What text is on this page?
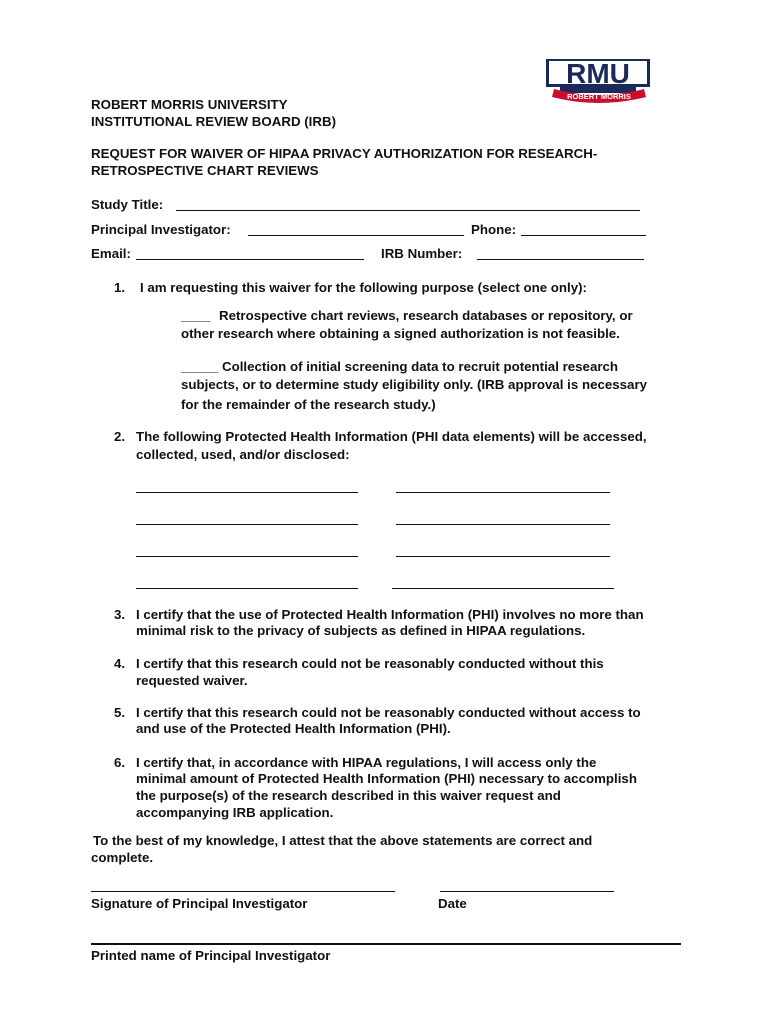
RMU
ROBERT MORRIS
ROBERT MORRIS UNIVERSITY
INSTITUTIONAL REVIEW BOARD (IRB)
REQUEST FOR WAIVER OF HIPAA PRIVACY AUTHORIZATION FOR RESEARCH-
RETROSPECTIVE CHART REVIEWS
Study Title:
Principal Investigator:	Phone:
Email:	IRB Number:
1. I am requesting this waiver for the following purpose (select one only):
____ Retrospective chart reviews, research databases or repository, or
other research where obtaining a signed authorization is not feasible.
_____ Collection of initial screening data to recruit potential research
subjects, or to determine study eligibility only. (IRB approval is necessary
for the remainder of the research study.)
2. The following Protected Health Information (PHI data elements) will be accessed,
collected, used, and/or disclosed:
3. I certify that the use of Protected Health Information (PHI) involves no more than
minimal risk to the privacy of subjects as defined in HIPAA regulations.
4. I certify that this research could not be reasonably conducted without this
requested waiver.
5. I certify that this research could not be reasonably conducted without access to
and use of the Protected Health Information (PHI).
6. I certify that, in accordance with HIPAA regulations, I will access only the
minimal amount of Protected Health Information (PHI) necessary to accomplish
the purpose(s) of the research described in this waiver request and
accompanying IRB application.
To the best of my knowledge, I attest that the above statements are correct and
complete.
Signature of Principal Investigator	Date
Printed name of Principal Investigator
